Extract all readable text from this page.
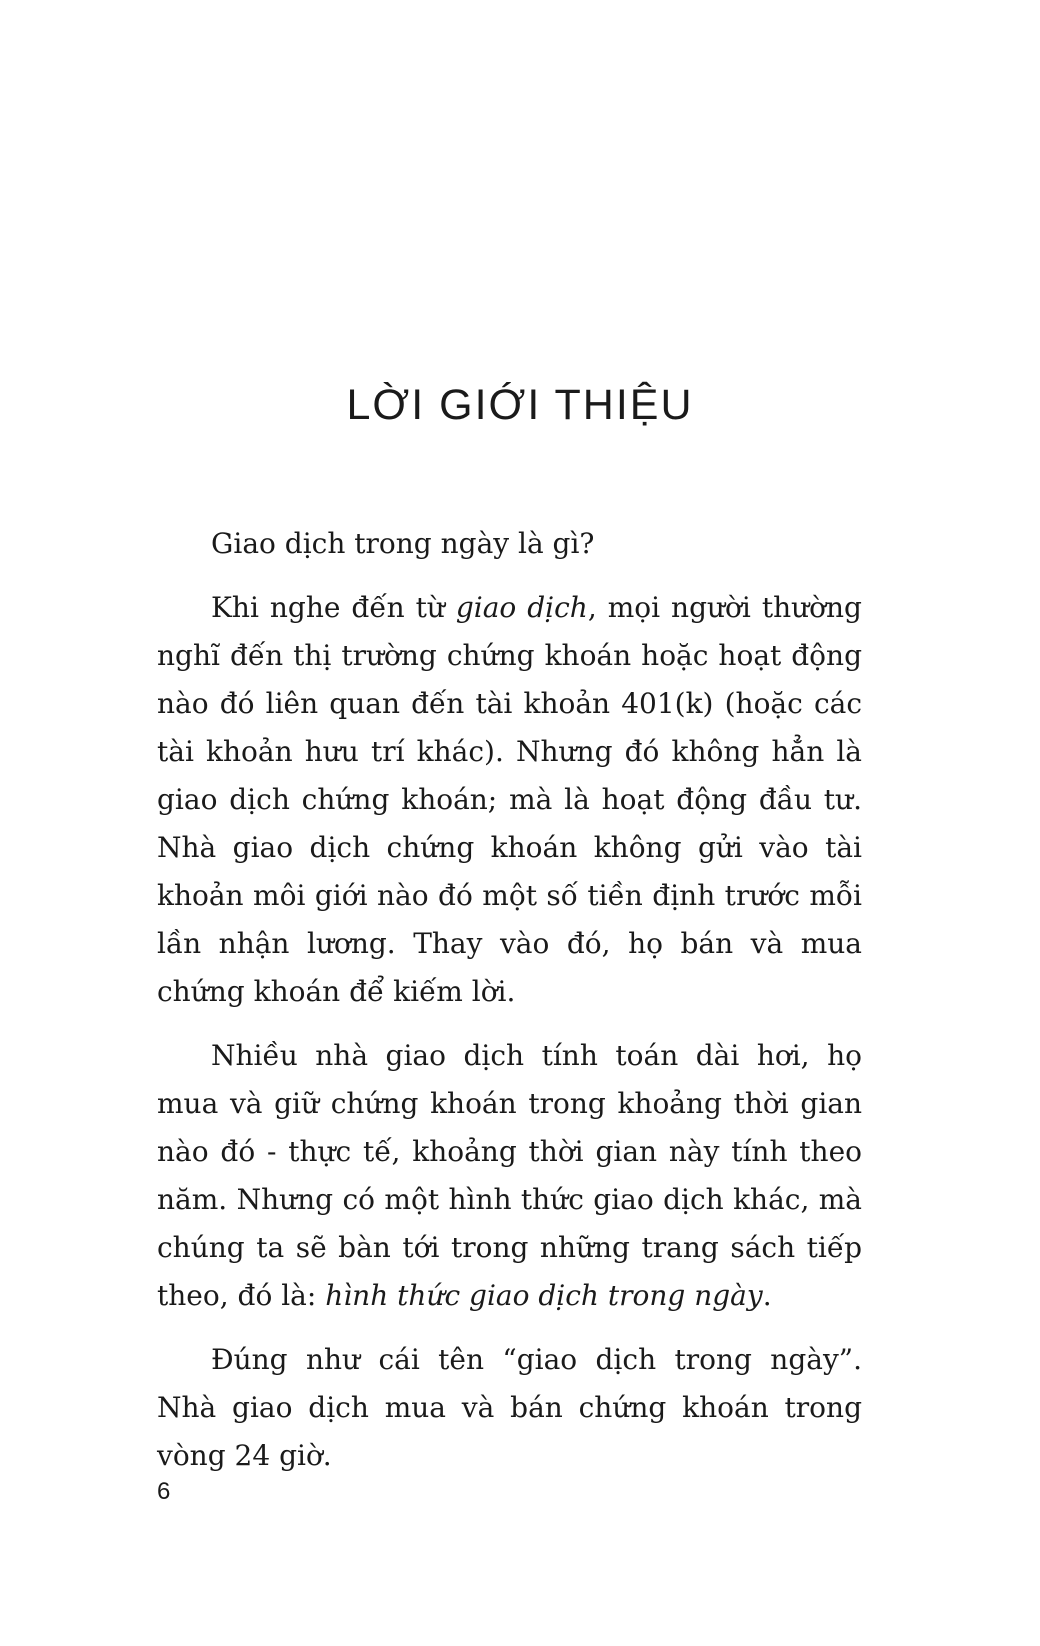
LỜI GIỚI THIỆU

Giao dịch trong ngày là gì?

Khi nghe đến từ giao dịch, mọi người thường nghĩ đến thị trường chứng khoán hoặc hoạt động nào đó liên quan đến tài khoản 401(k) (hoặc các tài khoản hưu trí khác). Nhưng đó không hẳn là giao dịch chứng khoán; mà là hoạt động đầu tư. Nhà giao dịch chứng khoán không gửi vào tài khoản môi giới nào đó một số tiền định trước mỗi lần nhận lương. Thay vào đó, họ bán và mua chứng khoán để kiếm lời.

Nhiều nhà giao dịch tính toán dài hơi, họ mua và giữ chứng khoán trong khoảng thời gian nào đó - thực tế, khoảng thời gian này tính theo năm. Nhưng có một hình thức giao dịch khác, mà chúng ta sẽ bàn tới trong những trang sách tiếp theo, đó là: hình thức giao dịch trong ngày.

Đúng như cái tên “giao dịch trong ngày”. Nhà giao dịch mua và bán chứng khoán trong vòng 24 giờ.

6
